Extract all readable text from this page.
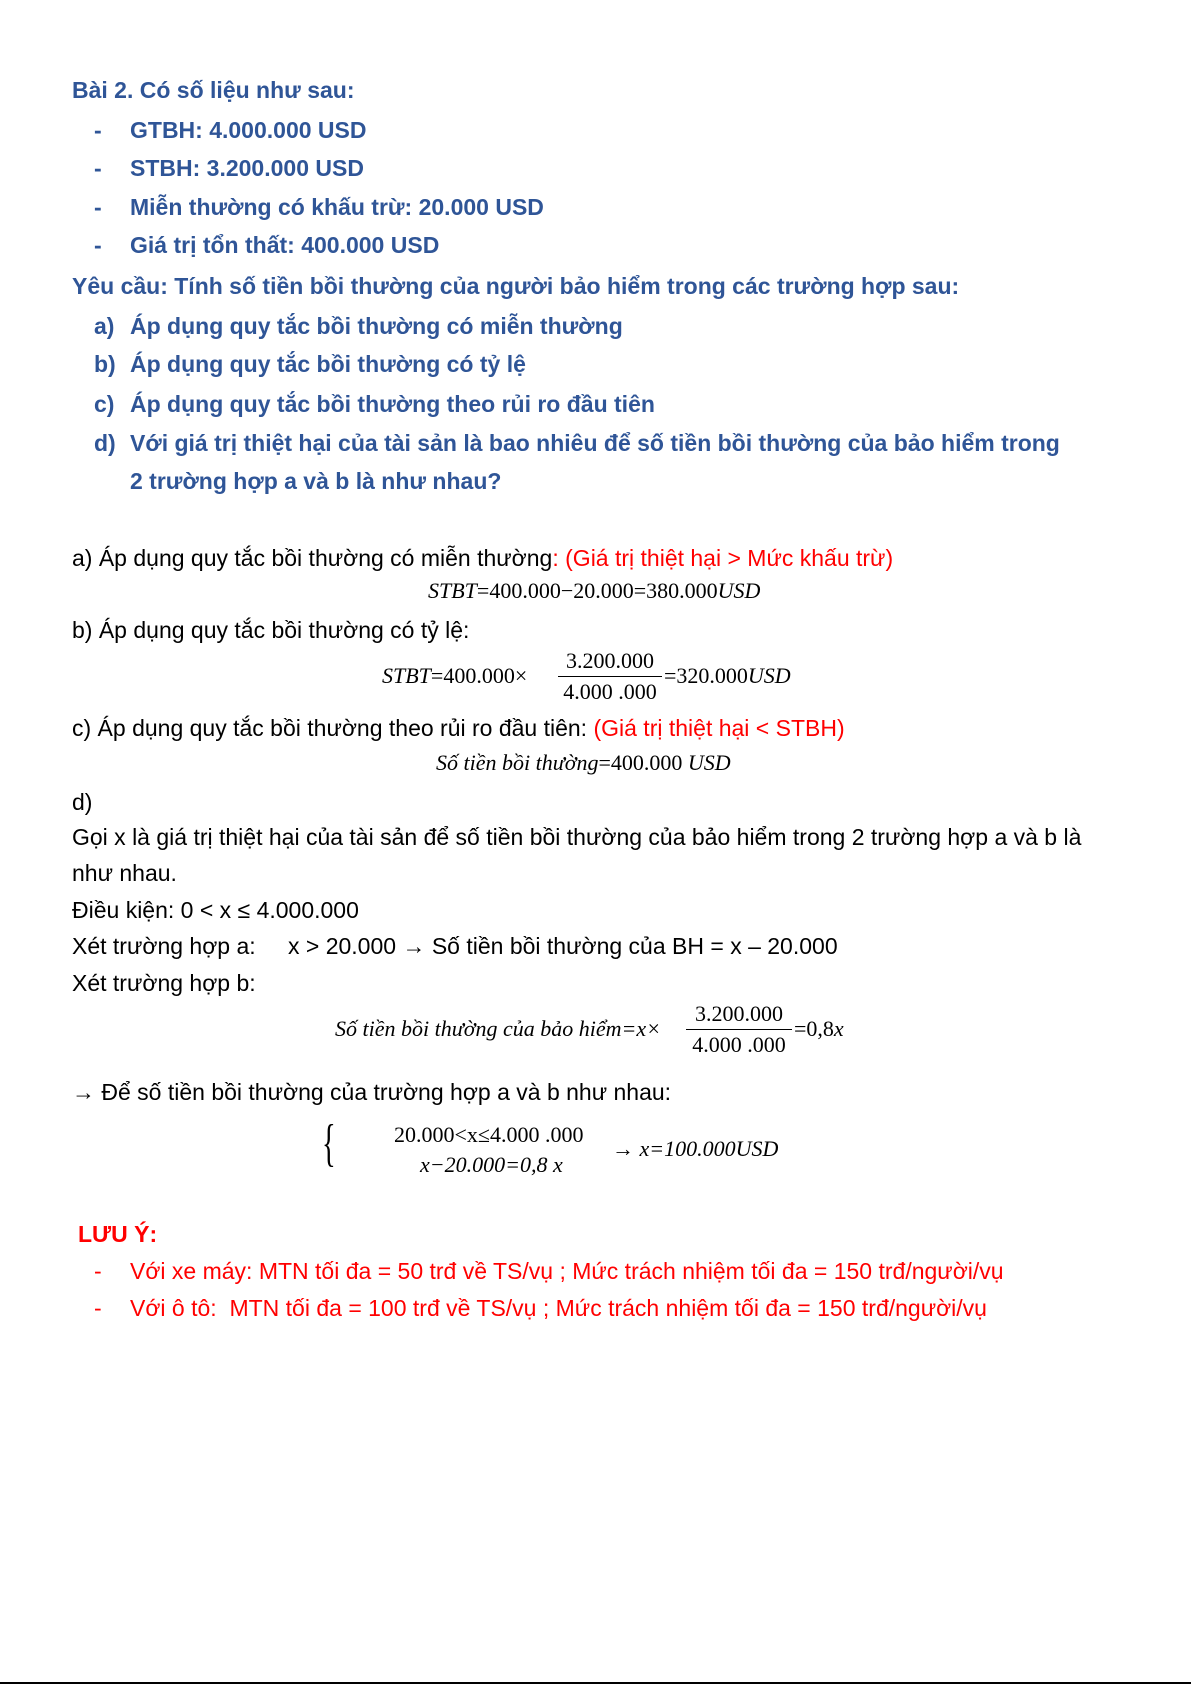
Bài 2. Có số liệu như sau:
- GTBH: 4.000.000 USD
- STBH: 3.200.000 USD
- Miễn thường có khấu trừ: 20.000 USD
- Giá trị tổn thất: 400.000 USD
Yêu cầu: Tính số tiền bồi thường của người bảo hiểm trong các trường hợp sau:
a) Áp dụng quy tắc bồi thường có miễn thường
b) Áp dụng quy tắc bồi thường có tỷ lệ
c) Áp dụng quy tắc bồi thường theo rủi ro đầu tiên
d) Với giá trị thiệt hại của tài sản là bao nhiêu để số tiền bồi thường của bảo hiểm trong
2 trường hợp a và b là như nhau?
a) Áp dụng quy tắc bồi thường có miễn thường: (Giá trị thiệt hại > Mức khấu trừ)
STBT=400.000−20.000=380.000USD
b) Áp dụng quy tắc bồi thường có tỷ lệ:
STBT=400.000×
3.200.000
4.000 .000
=320.000USD
c) Áp dụng quy tắc bồi thường theo rủi ro đầu tiên: (Giá trị thiệt hại < STBH)
Số tiền bồi thường=400.000 USD
d)
Gọi x là giá trị thiệt hại của tài sản để số tiền bồi thường của bảo hiểm trong 2 trường hợp a và b là
như nhau.
Điều kiện: 0 < x ≤ 4.000.000
Xét trường hợp a: x > 20.000 → Số tiền bồi thường của BH = x – 20.000
Xét trường hợp b:
Số tiền bồi thường của bảo hiểm=x×
3.200.000
4.000 .000
=0,8x
→ Để số tiền bồi thường của trường hợp a và b như nhau:
{	20.000<x≤4.000 .000
x−20.000=0,8 x
→ x=100.000USD
LƯU Ý:
- Với xe máy: MTN tối đa = 50 trđ về TS/vụ ; Mức trách nhiệm tối đa = 150 trđ/người/vụ
- Với ô tô:  MTN tối đa = 100 trđ về TS/vụ ; Mức trách nhiệm tối đa = 150 trđ/người/vụ
